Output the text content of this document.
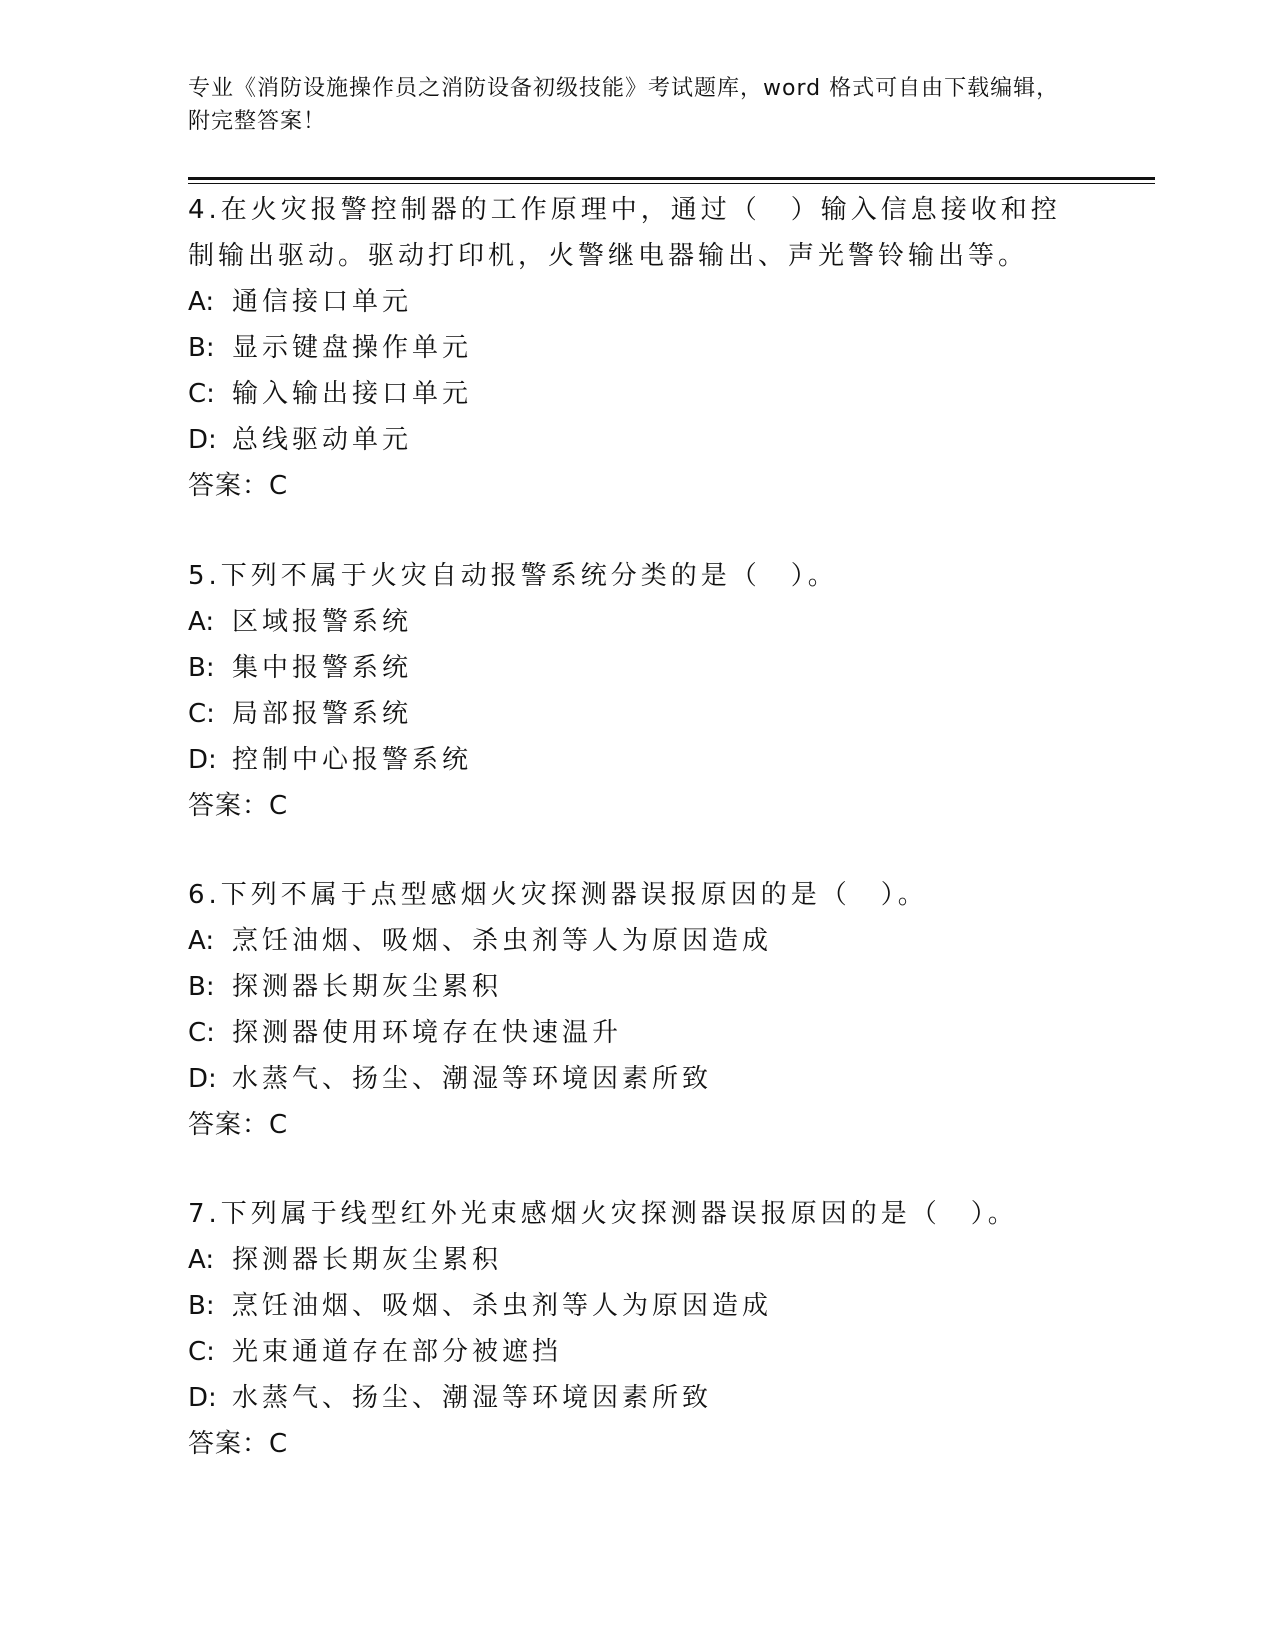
专业《消防设施操作员之消防设备初级技能》考试题库，word 格式可自由下载编辑，附完整答案！

4.在火灾报警控制器的工作原理中，通过（　）输入信息接收和控制输出驱动。驱动打印机，火警继电器输出、声光警铃输出等。

A: 通信接口单元
B: 显示键盘操作单元
C: 输入输出接口单元
D: 总线驱动单元
答案：C

5.下列不属于火灾自动报警系统分类的是（　）。

A: 区域报警系统
B: 集中报警系统
C: 局部报警系统
D: 控制中心报警系统
答案：C

6.下列不属于点型感烟火灾探测器误报原因的是（　）。

A: 烹饪油烟、吸烟、杀虫剂等人为原因造成
B: 探测器长期灰尘累积
C: 探测器使用环境存在快速温升
D: 水蒸气、扬尘、潮湿等环境因素所致
答案：C

7.下列属于线型红外光束感烟火灾探测器误报原因的是（　）。

A: 探测器长期灰尘累积
B: 烹饪油烟、吸烟、杀虫剂等人为原因造成
C: 光束通道存在部分被遮挡
D: 水蒸气、扬尘、潮湿等环境因素所致
答案：C
